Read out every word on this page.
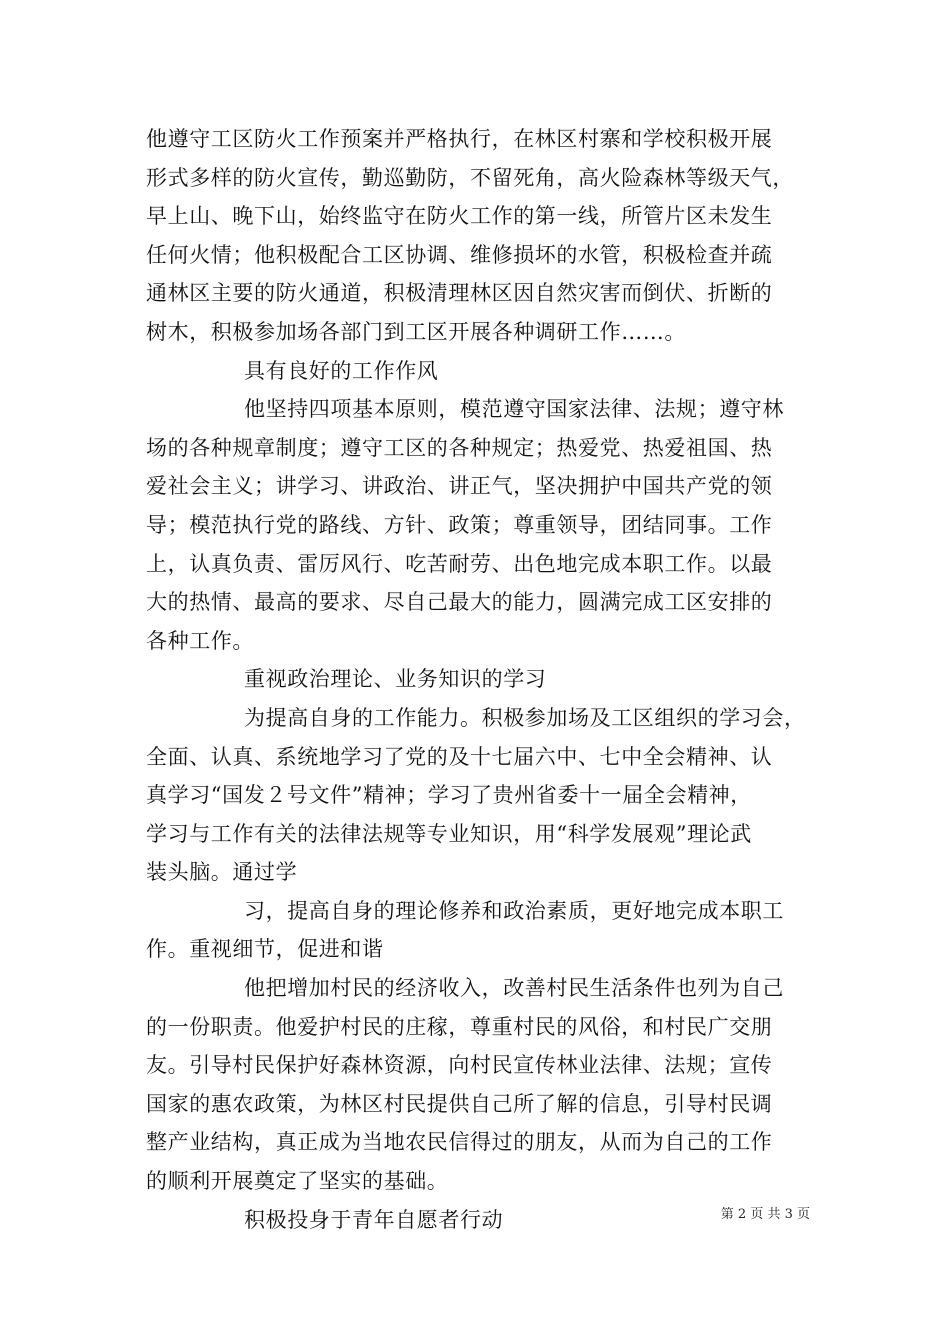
他遵守工区防火工作预案并严格执行，在林区村寨和学校积极开展
形式多样的防火宣传，勤巡勤防，不留死角，高火险森林等级天气，
早上山、晚下山，始终监守在防火工作的第一线，所管片区未发生
任何火情；他积极配合工区协调、维修损坏的水管，积极检查并疏
通林区主要的防火通道，积极清理林区因自然灾害而倒伏、折断的
树木，积极参加场各部门到工区开展各种调研工作……。
具有良好的工作作风
他坚持四项基本原则，模范遵守国家法律、法规；遵守林
场的各种规章制度；遵守工区的各种规定；热爱党、热爱祖国、热
爱社会主义；讲学习、讲政治、讲正气，坚决拥护中国共产党的领
导；模范执行党的路线、方针、政策；尊重领导，团结同事。工作
上，认真负责、雷厉风行、吃苦耐劳、出色地完成本职工作。以最
大的热情、最高的要求、尽自己最大的能力，圆满完成工区安排的
各种工作。
重视政治理论、业务知识的学习
为提高自身的工作能力。积极参加场及工区组织的学习会，
全面、认真、系统地学习了党的及十七届六中、七中全会精神、认
真学习“国发２号文件”精神；学习了贵州省委十一届全会精神，
学习与工作有关的法律法规等专业知识，用“科学发展观”理论武
装头脑。通过学
习，提高自身的理论修养和政治素质，更好地完成本职工
作。重视细节，促进和谐
他把增加村民的经济收入，改善村民生活条件也列为自己
的一份职责。他爱护村民的庄稼，尊重村民的风俗，和村民广交朋
友。引导村民保护好森林资源，向村民宣传林业法律、法规；宣传
国家的惠农政策，为林区村民提供自己所了解的信息，引导村民调
整产业结构，真正成为当地农民信得过的朋友，从而为自己的工作
的顺利开展奠定了坚实的基础。
积极投身于青年自愿者行动	第 2 页 共 3 页
